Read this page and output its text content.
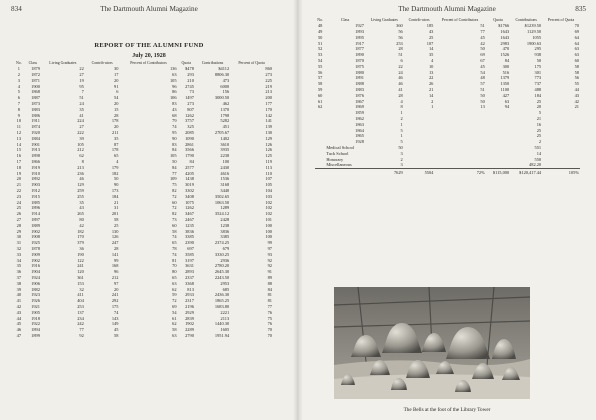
834	The Dartmouth Alumni Magazine
REPORT OF THE ALUMNI FUND
July 20, 1928
No.	Class	Living Graduates	Contrib-utors	Percent of Contributors	Quota	Contributions	Percent of Quota
1	1879	22	30	136	$478	$4112	860
2	1872	27	17	63	293	8806.30	273
3	1871	19	20	105	210	473	225
4	1900	95	91	96	2745	6000	219
5	1868	7	6	86	73	156	213
6	1887	51	54	106	1497	3000.50	200
7	1873	24	20	83	273	462	177
8	1883	35	15	43	807	1370	170
9	1886	41	28	68	1262	1798	142
10	1911	224	178	79	3757	5282	141
11	1874	27	20	74	325	451	139
12	1920	222	211	95	2085	2705.67	130
13	1884	39	35	90	1090	1402	129
14	1901	105	87	83	2861	3610	126
15	1913	212	178	84	3566	3935	126
16	1898	62	65	105	1790	2238	125
17	1866	8	4	50	84	100	119
18	1919	213	179	84	2577	2430	113
19	1910	236	182	77	4205	4616	110
20	1892	46	50	109	1438	1536	107
21	1903	129	90	75	3019	3168	105
22	1912	259	173	82	3302	3440	104
23	1915	255	184	72	3408	3502.65	103
24	1885	35	21	60	1075	1063.50	102
25	1896	43	31	72	1262	1289	102
26	1914	265	201	82	3467	3524.12	102
27	1897	80	58	73	2467	2428	101
28	1889	42	25	60	1235	1238	100
29	1902	182	130	58	3836	3836	100
30	1908	170	126	74	3385	3385	100
31	1925	379	247	65	2390	2374.25	99
32	1878	36	28	78	697	679	97
33	1909	190	141	74	3585	3330.25	93
34	1902	122	99	81	3197	2936	92
35	1916	241	168	70	3631	2780.20	92
36	1904	120	96	80	2893	2645.30	91
37	1924	361	212	65	2337	2243.50	89
38	1906	153	97	63	3368	2953	88
39	1882	32	20	62	813	685	84
40	1923	411	241	59	2933	2436.30	81
41	1926	404	292	72	2317	1865.25	81
42	1921	253	175	69	2196	1683.80	77
43	1905	137	74	54	2929	2221	76
44	1918	234	143	61	2839	2113	75
45	1922	242	149	62	1902	1440.30	76
46	1894	77	45	58	2289	1605	70
47	1899	92	58	63	2790	1951.94	70
The Dartmouth Alumni Magazine	835
No.	Class	Living Graduates	Contrib-utors	Percent of Contributors	Quota	Contributions	Percent of Quota
48	1927	360	185	51	$1766	$1239.50	70
49	1893	56	43	77	1643	1129.50	69
50	1895	56	25	45	1643	1055	64
51	1917	253	107	42	2983	1900.63	64
52	1877	28	14	50	470	295	63
53	1890	51	35	69	1526	938	63
54	1870	6	4	67	84	50	60
55	1875	22	10	45	300	175	58
56	1880	24	13	54	516	301	58
57	1891	46	22	48	1379	773	56
58	1888	46	26	57	1350	737	55
59	1883	41	21	51	1100	488	44
60	1876	28	14	50	427	184	43
61	1867	4	2	50	63	25	42
62	1869	8	1	13	94	20	21
	1859	1				5	
	1862	2				21	
	1863	1				16	
	1864	5				25	
	1865	1				25	
	1928	5				2	
	Medical School	50				551	
	Tuck School	3				14	
	Honorary	2				550	
	Miscellaneous	3				482.20	
		7629	5504	72%	$115,000	$120,417.44	105%
The Bells at the foot of the Library Tower
